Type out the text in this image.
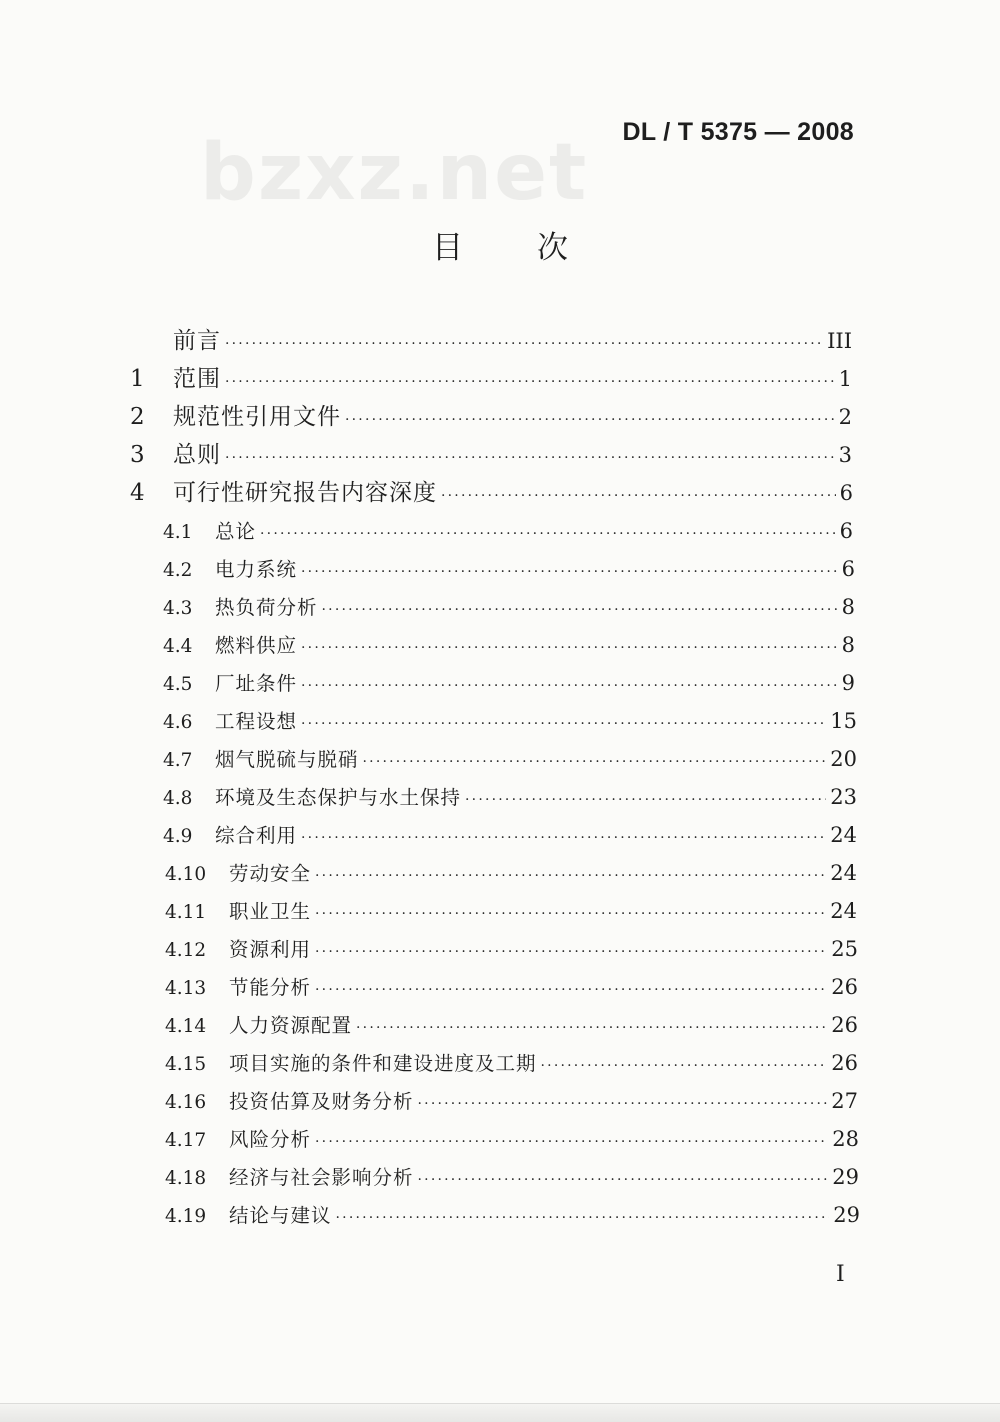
DL / T 5375 — 2008
bzxz.net
目次
前言 ·····	III
1	范围 ·····	1
2	规范性引用文件 ·····	2
3	总则 ·····	3
4	可行性研究报告内容深度 ·····	6
4.1	总论 ·····	6
4.2	电力系统 ·····	6
4.3	热负荷分析 ·····	8
4.4	燃料供应 ·····	8
4.5	厂址条件 ·····	9
4.6	工程设想 ·····	15
4.7	烟气脱硫与脱硝 ·····	20
4.8	环境及生态保护与水土保持 ·····	23
4.9	综合利用 ·····	24
4.10	劳动安全 ·····	24
4.11	职业卫生 ·····	24
4.12	资源利用 ·····	25
4.13	节能分析 ·····	26
4.14	人力资源配置 ·····	26
4.15	项目实施的条件和建设进度及工期 ·····	26
4.16	投资估算及财务分析 ·····	27
4.17	风险分析 ·····	28
4.18	经济与社会影响分析 ·····	29
4.19	结论与建议 ·····	29
I
